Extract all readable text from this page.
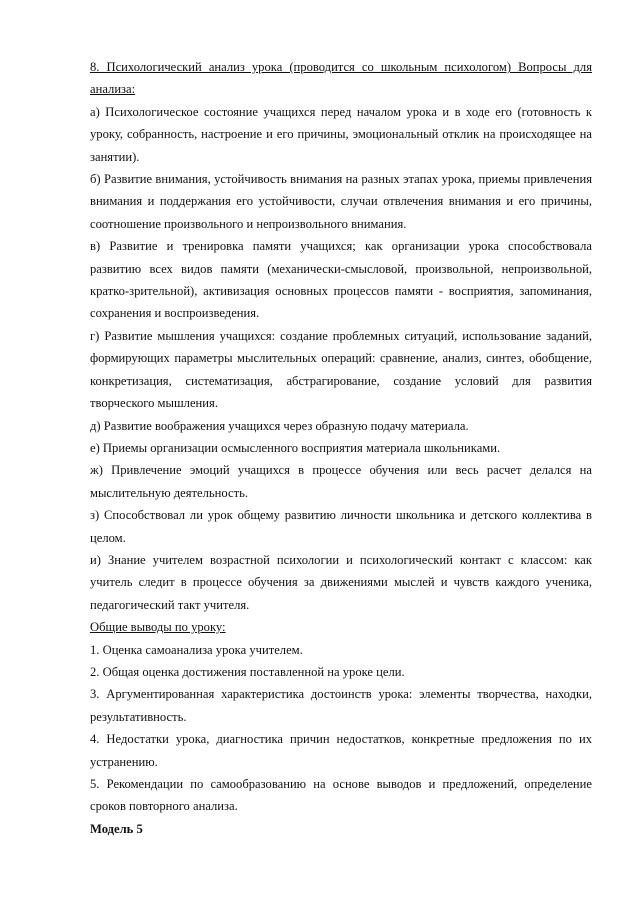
8. Психологический анализ урока (проводится со школьным психологом) Вопросы для анализа:

а) Психологическое состояние учащихся перед началом урока и в ходе его (готовность к уроку, собранность, настроение и его причины, эмоциональный отклик на происходящее на занятии).

б) Развитие внимания, устойчивость внимания на разных этапах урока, приемы привлечения внимания и поддержания его устойчивости, случаи отвлечения внимания и его причины, соотношение произвольного и непроизвольного внимания.

в) Развитие и тренировка памяти учащихся; как организации урока способствовала развитию всех видов памяти (механически-смысловой, произвольной, непроизвольной, кратко-зрительной), активизация основных процессов памяти - восприятия, запоминания, сохранения и воспроизведения.

г) Развитие мышления учащихся: создание проблемных ситуаций, использование заданий, формирующих параметры мыслительных операций: сравнение, анализ, синтез, обобщение, конкретизация, систематизация, абстрагирование, создание условий для развития творческого мышления.

д) Развитие воображения учащихся через образную подачу материала.

е) Приемы организации осмысленного восприятия материала школьниками.

ж) Привлечение эмоций учащихся в процессе обучения или весь расчет делался на мыслительную деятельность.

з) Способствовал ли урок общему развитию личности школьника и детского коллектива в целом.

и) Знание учителем возрастной психологии и психологический контакт с классом: как учитель следит в процессе обучения за движениями мыслей и чувств каждого ученика, педагогический такт учителя.

Общие выводы по уроку:

1. Оценка самоанализа урока учителем.

2. Общая оценка достижения поставленной на уроке цели.

3. Аргументированная характеристика достоинств урока: элементы творчества, находки, результативность.

4. Недостатки урока, диагностика причин недостатков, конкретные предложения по их устранению.

5. Рекомендации по самообразованию на основе выводов и предложений, определение сроков повторного анализа.

Модель 5
